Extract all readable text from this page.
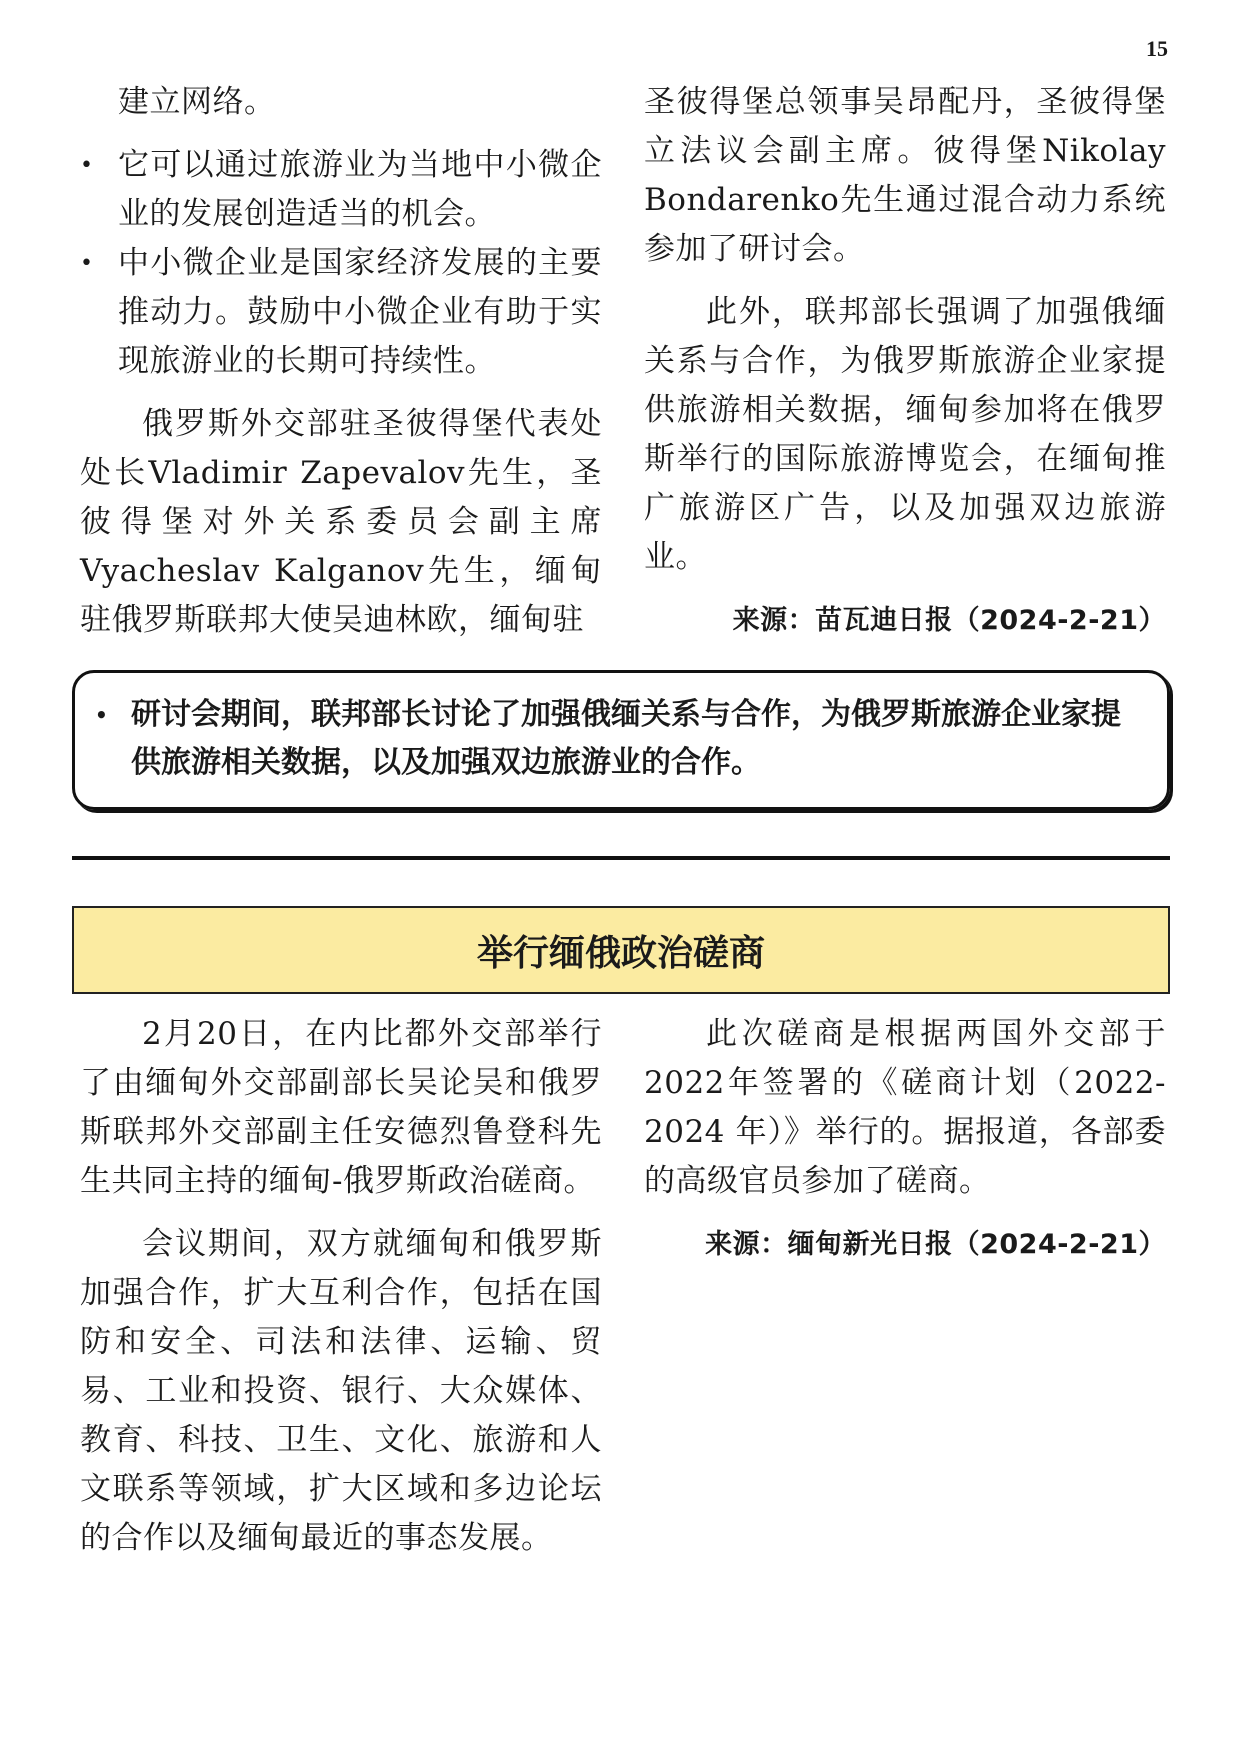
15

建立网络。

• 它可以通过旅游业为当地中小微企业的发展创造适当的机会。
• 中小微企业是国家经济发展的主要推动力。鼓励中小微企业有助于实现旅游业的长期可持续性。

俄罗斯外交部驻圣彼得堡代表处处长Vladimir Zapevalov先生，圣彼得堡对外关系委员会副主席Vyacheslav Kalganov先生，缅甸驻俄罗斯联邦大使吴迪林欧，缅甸驻

圣彼得堡总领事吴昂配丹，圣彼得堡立法议会副主席。彼得堡Nikolay Bondarenko先生通过混合动力系统参加了研讨会。

此外，联邦部长强调了加强俄缅关系与合作，为俄罗斯旅游企业家提供旅游相关数据，缅甸参加将在俄罗斯举行的国际旅游博览会，在缅甸推广旅游区广告，以及加强双边旅游业。

来源：苗瓦迪日报（2024-2-21）
• 研讨会期间，联邦部长讨论了加强俄缅关系与合作，为俄罗斯旅游企业家提供旅游相关数据，以及加强双边旅游业的合作。
举行缅俄政治磋商

2月20日，在内比都外交部举行了由缅甸外交部副部长吴论吴和俄罗斯联邦外交部副主任安德烈鲁登科先生共同主持的缅甸-俄罗斯政治磋商。

会议期间，双方就缅甸和俄罗斯加强合作，扩大互利合作，包括在国防和安全、司法和法律、运输、贸易、工业和投资、银行、大众媒体、教育、科技、卫生、文化、旅游和人文联系等领域，扩大区域和多边论坛的合作以及缅甸最近的事态发展。

此次磋商是根据两国外交部于2022年签署的《磋商计划（2022-2024 年）》举行的。据报道，各部委的高级官员参加了磋商。

来源：缅甸新光日报（2024-2-21）
